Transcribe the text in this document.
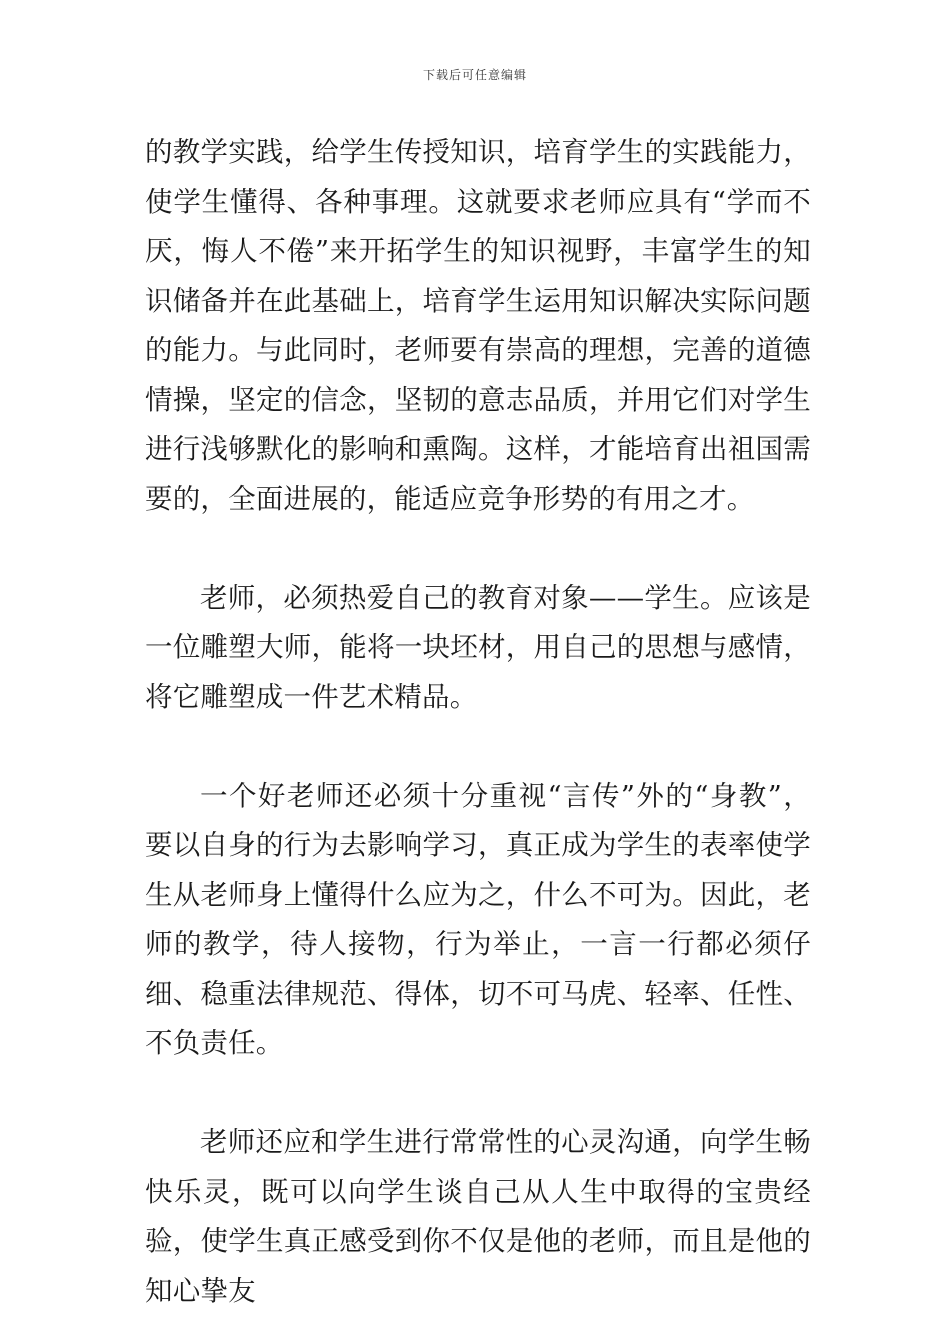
下载后可任意编辑

的教学实践，给学生传授知识，培育学生的实践能力，使学生懂得、各种事理。这就要求老师应具有“学而不厌，悔人不倦”来开拓学生的知识视野，丰富学生的知识储备并在此基础上，培育学生运用知识解决实际问题的能力。与此同时，老师要有崇高的理想，完善的道德情操，坚定的信念，坚韧的意志品质，并用它们对学生进行浅够默化的影响和熏陶。这样，才能培育出祖国需要的，全面进展的，能适应竞争形势的有用之才。

老师，必须热爱自己的教育对象——学生。应该是一位雕塑大师，能将一块坯材，用自己的思想与感情，将它雕塑成一件艺术精品。

一个好老师还必须十分重视“言传”外的“身教”，要以自身的行为去影响学习，真正成为学生的表率使学生从老师身上懂得什么应为之，什么不可为。因此，老师的教学，待人接物，行为举止，一言一行都必须仔细、稳重法律规范、得体，切不可马虎、轻率、任性、不负责任。

老师还应和学生进行常常性的心灵沟通，向学生畅快乐灵，既可以向学生谈自己从人生中取得的宝贵经验，使学生真正感受到你不仅是他的老师，而且是他的知心挚友
